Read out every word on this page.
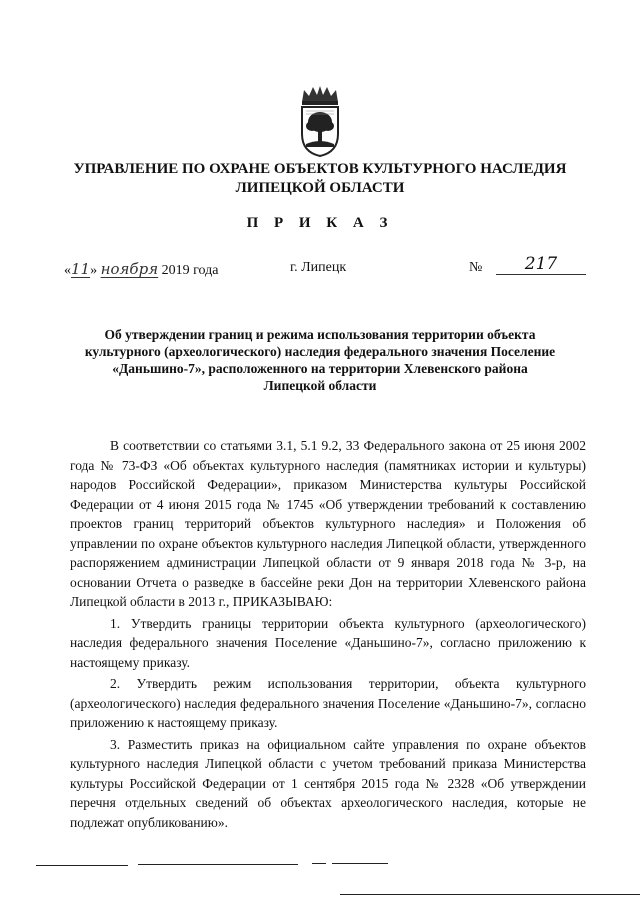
УПРАВЛЕНИЕ ПО ОХРАНЕ ОБЪЕКТОВ КУЛЬТУРНОГО НАСЛЕДИЯ
ЛИПЕЦКОЙ ОБЛАСТИ
П Р И К А З
«11» ноября 2019 года	г. Липецк	№	217
Об утверждении границ и режима использования территории объекта
культурного (археологического) наследия федерального значения Поселение
«Даньшино-7», расположенного на территории Хлевенского района
Липецкой области

В соответствии со статьями 3.1, 5.1 9.2, 33 Федерального закона от 25 июня 2002 года № 73-ФЗ «Об объектах культурного наследия (памятниках истории и культуры) народов Российской Федерации», приказом Министерства культуры Российской Федерации от 4 июня 2015 года № 1745 «Об утверждении требований к составлению проектов границ территорий объектов культурного наследия» и Положения об управлении по охране объектов культурного наследия Липецкой области, утвержденного распоряжением администрации Липецкой области от 9 января 2018 года № 3-р, на основании Отчета о разведке в бассейне реки Дон на территории Хлевенского района Липецкой области в 2013 г., ПРИКАЗЫВАЮ:

1. Утвердить границы территории объекта культурного (археологического) наследия федерального значения Поселение «Даньшино-7», согласно приложению к настоящему приказу.

2. Утвердить режим использования территории, объекта культурного (археологического) наследия федерального значения Поселение «Даньшино-7», согласно приложению к настоящему приказу.

3. Разместить приказ на официальном сайте управления по охране объектов культурного наследия Липецкой области с учетом требований приказа Министерства культуры Российской Федерации от 1 сентября 2015 года № 2328 «Об утверждении перечня отдельных сведений об объектах археологического наследия, которые не подлежат опубликованию».
